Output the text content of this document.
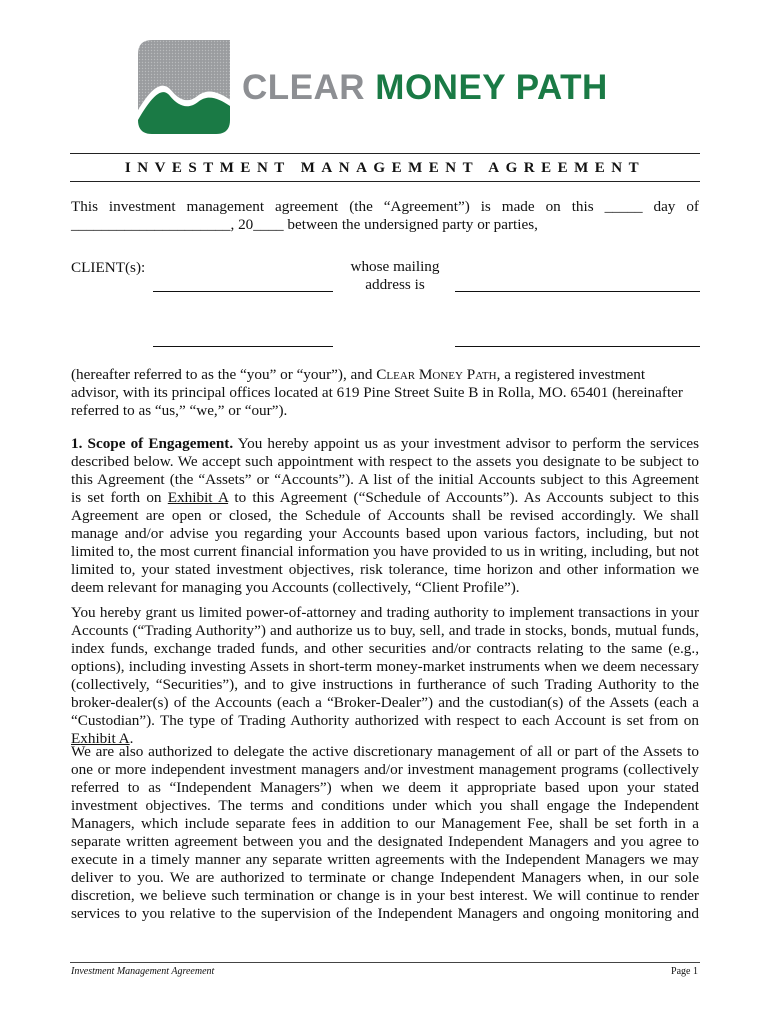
CLEAR MONEY PATH
INVESTMENT MANAGEMENT AGREEMENT
This investment management agreement (the “Agreement”) is made on this _____ day of
_____________________, 20____ between the undersigned party or parties,
CLIENT(s):	whose mailing
address is
(hereafter referred to as the “you” or “your”), and Clear Money Path, a registered investment
advisor, with its principal offices located at 619 Pine Street Suite B in Rolla, MO. 65401 (hereinafter
referred to as “us,” “we,” or “our”).
1. Scope of Engagement. You hereby appoint us as your investment advisor to perform the services
described below. We accept such appointment with respect to the assets you designate to be subject to
this Agreement (the “Assets” or “Accounts”). A list of the initial Accounts subject to this Agreement
is set forth on Exhibit A to this Agreement (“Schedule of Accounts”). As Accounts subject to this
Agreement are open or closed, the Schedule of Accounts shall be revised accordingly. We shall
manage and/or advise you regarding your Accounts based upon various factors, including, but not
limited to, the most current financial information you have provided to us in writing, including, but not
limited to, your stated investment objectives, risk tolerance, time horizon and other information we
deem relevant for managing you Accounts (collectively, “Client Profile”).
You hereby grant us limited power-of-attorney and trading authority to implement transactions in your
Accounts (“Trading Authority”) and authorize us to buy, sell, and trade in stocks, bonds, mutual funds,
index funds, exchange traded funds, and other securities and/or contracts relating to the same (e.g.,
options), including investing Assets in short-term money-market instruments when we deem necessary
(collectively, “Securities”), and to give instructions in furtherance of such Trading Authority to the
broker-dealer(s) of the Accounts (each a “Broker-Dealer”) and the custodian(s) of the Assets (each a
“Custodian”). The type of Trading Authority authorized with respect to each Account is set from on
Exhibit A.
We are also authorized to delegate the active discretionary management of all or part of the Assets to
one or more independent investment managers and/or investment management programs (collectively
referred to as “Independent Managers”) when we deem it appropriate based upon your stated
investment objectives. The terms and conditions under which you shall engage the Independent
Managers, which include separate fees in addition to our Management Fee, shall be set forth in a
separate written agreement between you and the designated Independent Managers and you agree to
execute in a timely manner any separate written agreements with the Independent Managers we may
deliver to you. We are authorized to terminate or change Independent Managers when, in our sole
discretion, we believe such termination or change is in your best interest. We will continue to render
services to you relative to the supervision of the Independent Managers and ongoing monitoring and
Investment Management Agreement	Page 1
